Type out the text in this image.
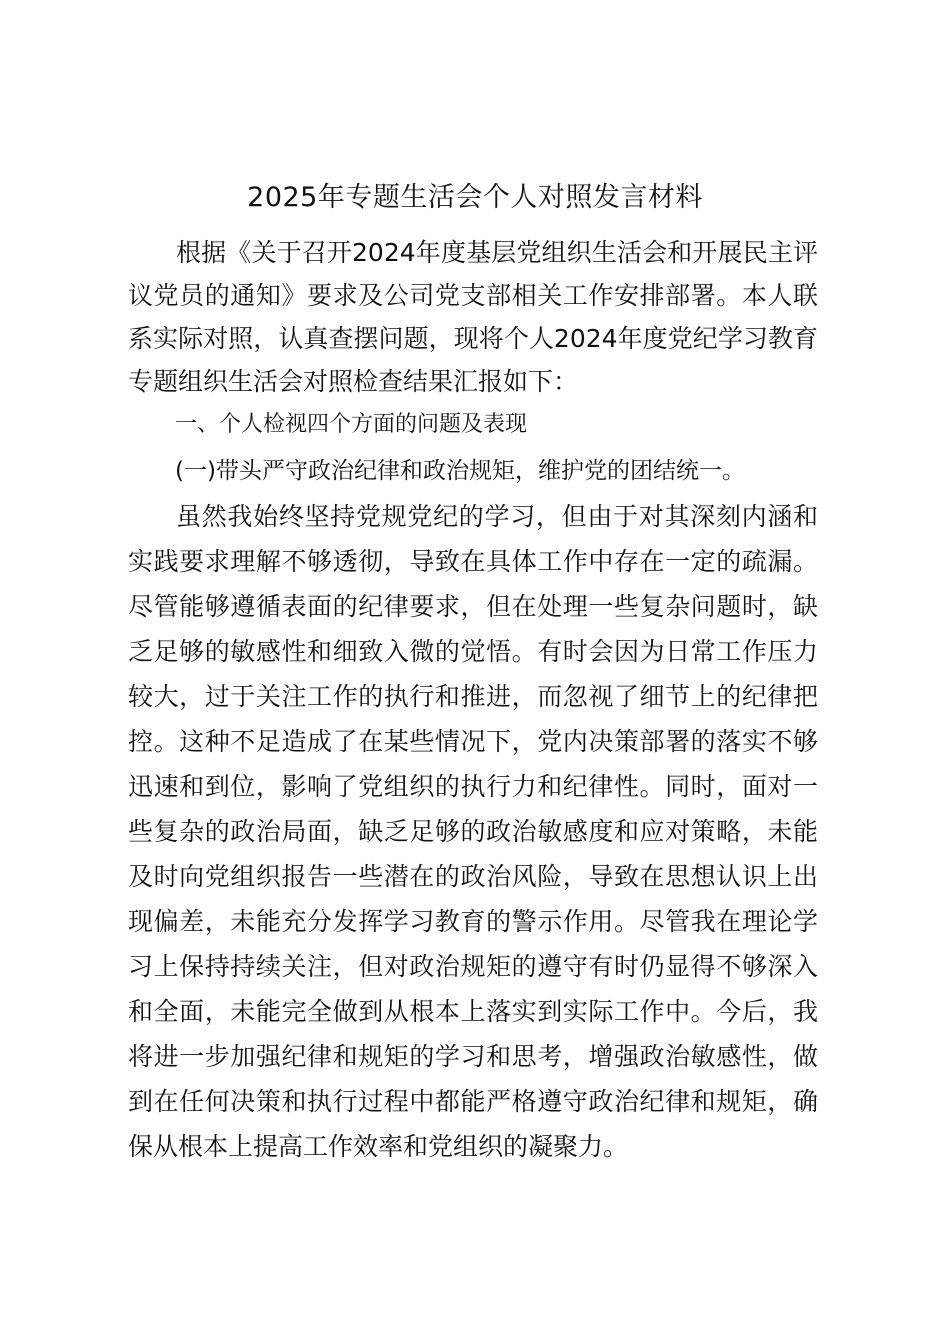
2025年专题生活会个人对照发言材料

根据《关于召开2024年度基层党组织生活会和开展民主评议党员的通知》要求及公司党支部相关工作安排部署。本人联系实际对照，认真查摆问题，现将个人2024年度党纪学习教育专题组织生活会对照检查结果汇报如下：

一、个人检视四个方面的问题及表现

(一)带头严守政治纪律和政治规矩，维护党的团结统一。

虽然我始终坚持党规党纪的学习，但由于对其深刻内涵和实践要求理解不够透彻，导致在具体工作中存在一定的疏漏。尽管能够遵循表面的纪律要求，但在处理一些复杂问题时，缺乏足够的敏感性和细致入微的觉悟。有时会因为日常工作压力较大，过于关注工作的执行和推进，而忽视了细节上的纪律把控。这种不足造成了在某些情况下，党内决策部署的落实不够迅速和到位，影响了党组织的执行力和纪律性。同时，面对一些复杂的政治局面，缺乏足够的政治敏感度和应对策略，未能及时向党组织报告一些潜在的政治风险，导致在思想认识上出现偏差，未能充分发挥学习教育的警示作用。尽管我在理论学习上保持持续关注，但对政治规矩的遵守有时仍显得不够深入和全面，未能完全做到从根本上落实到实际工作中。今后，我将进一步加强纪律和规矩的学习和思考，增强政治敏感性，做到在任何决策和执行过程中都能严格遵守政治纪律和规矩，确保从根本上提高工作效率和党组织的凝聚力。
